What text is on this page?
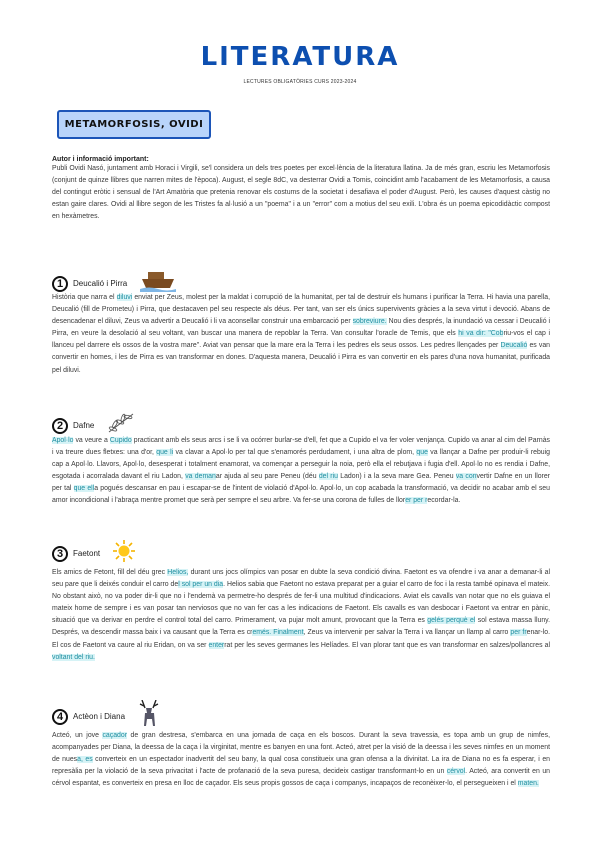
LITERATURA
LECTURES OBLIGATÒRIES CURS 2023-2024
METAMORFOSIS, OVIDI
Autor i informació important:

Publi Ovidi Nasó, juntament amb Horaci i Virgili, se'l considera un dels tres poetes per excel·lència de la literatura llatina. Ja de més gran, escriu les Metamorfosis (conjunt de quinze llibres que narren mites de l'època). August, el segle 8dC, va desterrar Ovidi a Tomis, coincidint amb l'acabament de les Metamorfosis, a causa del contingut eròtic i sensual de l'Art Amatòria que pretenia renovar els costums de la societat i desafiava el poder d'August. Però, les causes d'aquest càstig no estan gaire clares. Ovidi al llibre segon de les Tristes fa al·lusió a un "poema" i a un "error" com a motius del seu exili. L'obra és un poema epicodidàctic compost en hexàmetres.

1	Deucalió i Pirra

Història que narra el diluvi enviat per Zeus, molest per la maldat i corrupció de la humanitat, per tal de destruir els humans i purificar la Terra. Hi havia una parella, Deucalió (fill de Prometeu) i Pirra, que destacaven pel seu respecte als déus. Per tant, van ser els únics supervivents gràcies a la seva virtut i devoció. Abans de desencadenar el diluvi, Zeus va advertir a Deucalió i li va aconsellar construir una embarcació per sobreviure. Nou dies després, la inundació va cessar i Deucalió i Pirra, en veure la desolació al seu voltant, van buscar una manera de repoblar la Terra. Van consultar l'oracle de Temis, que els hi va dir: "Cobriu-vos el cap i llanceu pel darrere els ossos de la vostra mare". Aviat van pensar que la mare era la Terra i les pedres els seus ossos. Les pedres llençades per Deucalió es van convertir en homes, i les de Pirra es van transformar en dones. D'aquesta manera, Deucalió i Pirra es van convertir en els pares d'una nova humanitat, purificada pel diluvi.

2	Dafne

Apol·lo va veure a Cupido practicant amb els seus arcs i se li va ocórrer burlar-se d'ell, fet que a Cupido el va fer voler venjança. Cupido va anar al cim del Parnàs i va treure dues fletxes: una d'or, que li va clavar a Apol·lo per tal que s'enamorés perdudament, i una altra de plom, que va llançar a Dafne per produir-li rebuig cap a Apol·lo. Llavors, Apol·lo, desesperat i totalment enamorat, va començar a perseguir la noia, però ella el rebutjava i fugia d'ell. Apol·lo no es rendia i Dafne, esgotada i acorralada davant el riu Ladon, va demanar ajuda al seu pare Peneu (déu del riu Ladon) i a la seva mare Gea. Peneu va convertir Dafne en un llorer per tal que ella pogués descansar en pau i escapar-se de l'intent de violació d'Apol·lo. Apol·lo, un cop acabada la transformació, va decidir no acabar amb el seu amor incondicional i l'abraça mentre promet que serà per sempre el seu arbre. Va fer-se una corona de fulles de llorer per recordar-la.

3	Faetont

Els amics de Fetont, fill del déu grec Helios, durant uns jocs olímpics van posar en dubte la seva condició divina. Faetont es va ofendre i va anar a demanar-li al seu pare que li deixés conduir el carro del sol per un dia. Helios sabia que Faetont no estava preparat per a guiar el carro de foc i la resta també opinava el mateix. No obstant això, no va poder dir-li que no i l'endemà va permetre-ho després de fer-li una multitud d'indicacions. Aviat els cavalls van notar que no els guiava el mateix home de sempre i es van posar tan nerviosos que no van fer cas a les indicacions de Faetont. Els cavalls es van desbocar i Faetont va entrar en pànic, situació que va derivar en perdre el control total del carro. Primerament, va pujar molt amunt, provocant que la Terra es gelés perquè el sol estava massa lluny. Després, va descendir massa baix i va causant que la Terra es cremés. Finalment, Zeus va intervenir per salvar la Terra i va llançar un llamp al carro per frenar-lo. El cos de Faetont va caure al riu Eridan, on va ser enterrat per les seves germanes les Helíades. El van plorar tant que es van transformar en salzes/pollancres al voltant del riu.

4	Actèon i Diana

Acteó, un jove caçador de gran destresa, s'embarca en una jornada de caça en els boscos. Durant la seva travessia, es topa amb un grup de nimfes, acompanyades per Diana, la deessa de la caça i la virginitat, mentre es banyen en una font. Acteó, atret per la visió de la deessa i les seves nimfes en un moment de nuesa, es converteix en un espectador inadvertit del seu bany, la qual cosa constitueix una gran ofensa a la divinitat. La ira de Diana no es fa esperar, i en represàlia per la violació de la seva privacitat i l'acte de profanació de la seva puresa, decideix castigar transformant-lo en un cérvol. Acteó, ara convertit en un cérvol espantat, es converteix en presa en lloc de caçador. Els seus propis gossos de caça i companys, incapaços de reconèixer-lo, el persegueixen i el maten.
